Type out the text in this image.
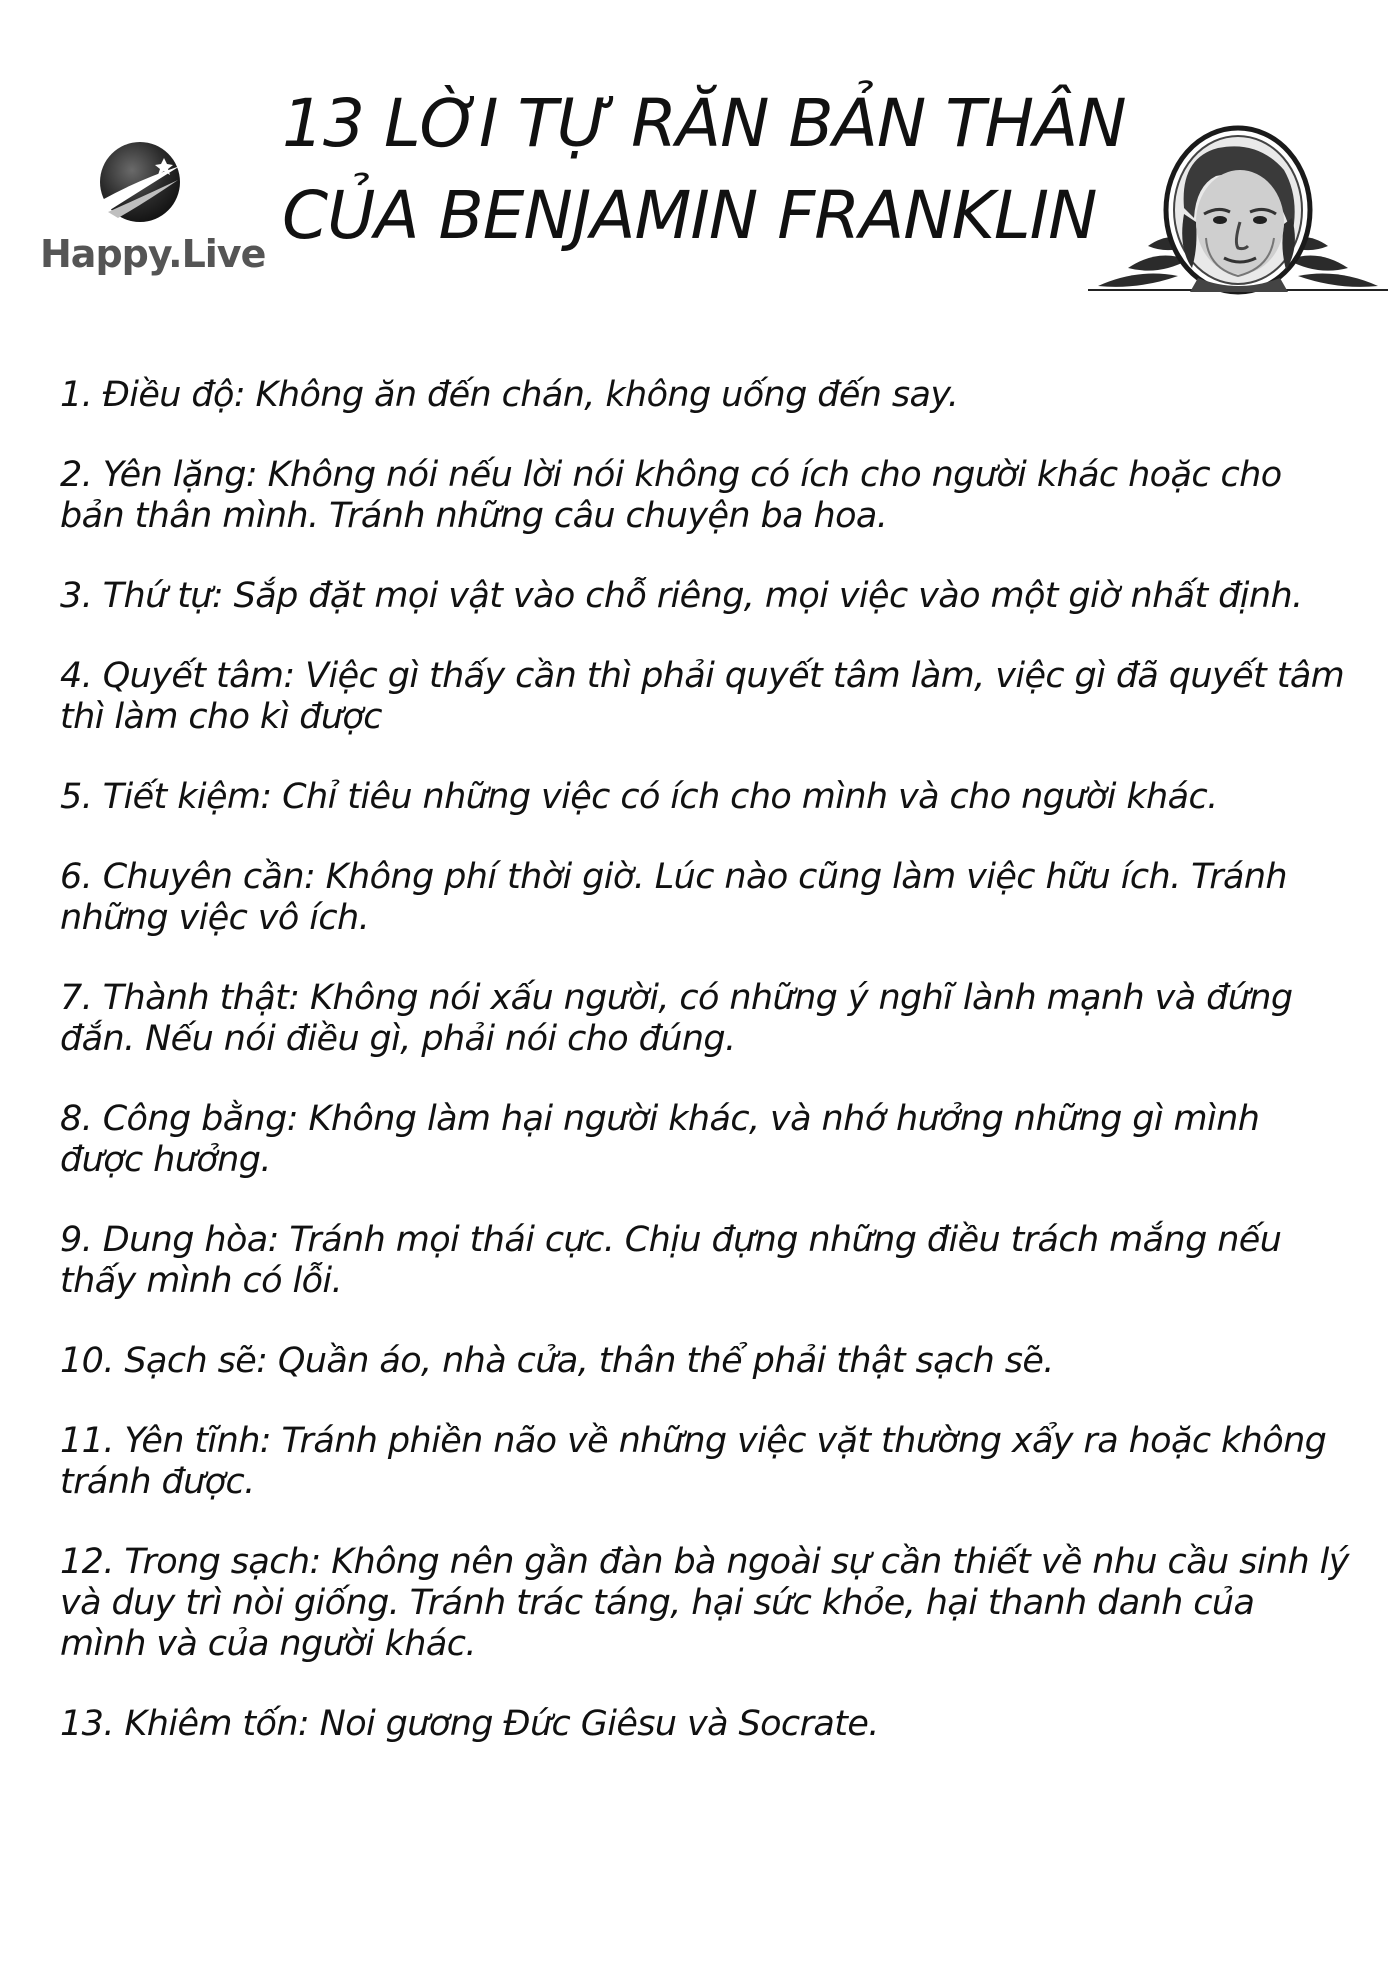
Happy.Live
13 LỜI TỰ RĂN BẢN THÂN
CỦA BENJAMIN FRANKLIN
1. Điều độ: Không ăn đến chán, không uống đến say.
2. Yên lặng: Không nói nếu lời nói không có ích cho người khác hoặc cho bản thân mình. Tránh những câu chuyện ba hoa.
3. Thứ tự: Sắp đặt mọi vật vào chỗ riêng, mọi việc vào một giờ nhất định.
4. Quyết tâm: Việc gì thấy cần thì phải quyết tâm làm, việc gì đã quyết tâm thì làm cho kì được
5. Tiết kiệm: Chỉ tiêu những việc có ích cho mình và cho người khác.
6. Chuyên cần: Không phí thời giờ. Lúc nào cũng làm việc hữu ích. Tránh những việc vô ích.
7. Thành thật: Không nói xấu người, có những ý nghĩ lành mạnh và đứng đắn. Nếu nói điều gì, phải nói cho đúng.
8. Công bằng: Không làm hại người khác, và nhớ hưởng những gì mình được hưởng.
9. Dung hòa: Tránh mọi thái cực. Chịu đựng những điều trách mắng nếu thấy mình có lỗi.
10. Sạch sẽ: Quần áo, nhà cửa, thân thể phải thật sạch sẽ.
11. Yên tĩnh: Tránh phiền não về những việc vặt thường xẩy ra hoặc không tránh được.
12. Trong sạch: Không nên gần đàn bà ngoài sự cần thiết về nhu cầu sinh lý và duy trì nòi giống. Tránh trác táng, hại sức khỏe, hại thanh danh của mình và của người khác.
13. Khiêm tốn: Noi gương Đức Giêsu và Socrate.
